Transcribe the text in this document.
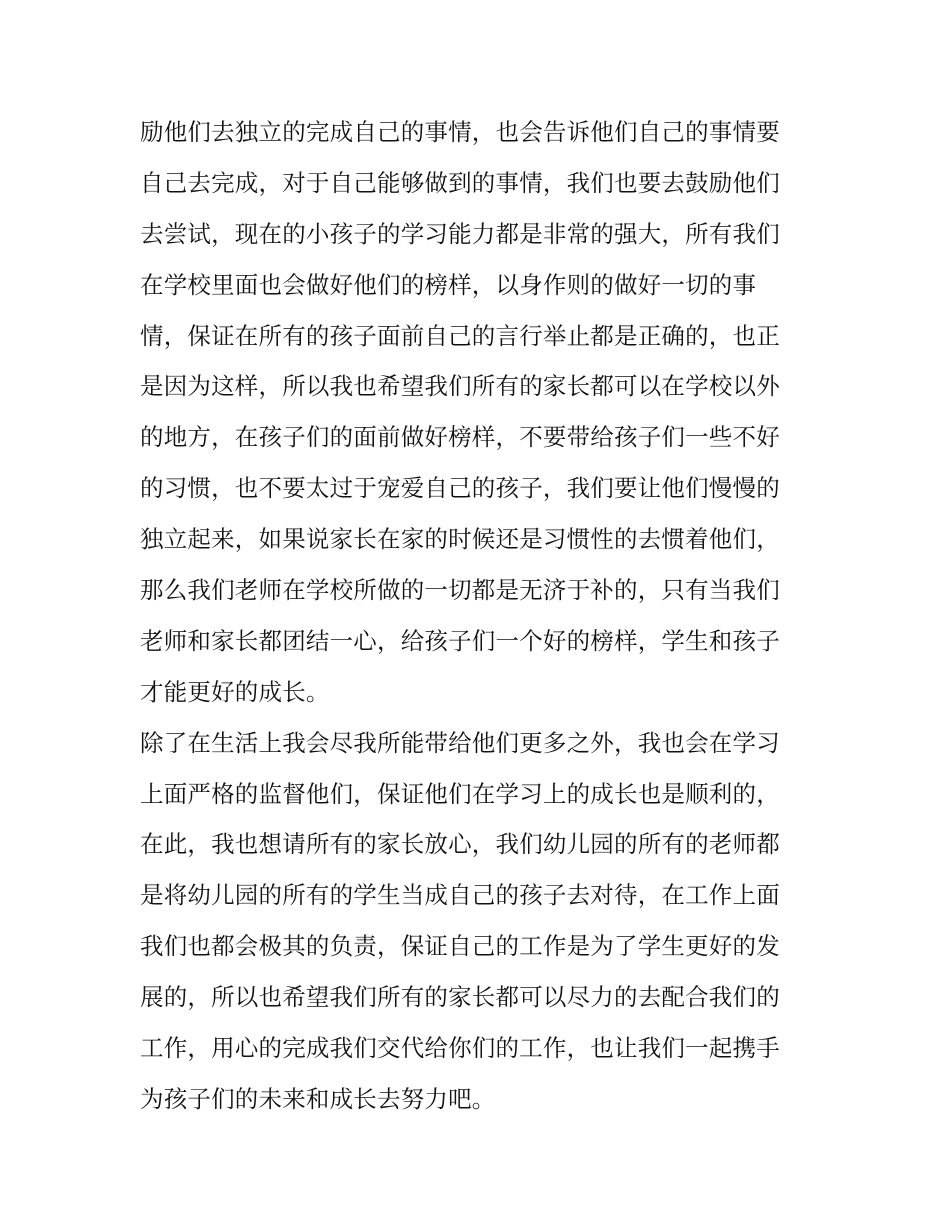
励他们去独立的完成自己的事情，也会告诉他们自己的事情要
自己去完成，对于自己能够做到的事情，我们也要去鼓励他们
去尝试，现在的小孩子的学习能力都是非常的强大，所有我们
在学校里面也会做好他们的榜样，以身作则的做好一切的事
情，保证在所有的孩子面前自己的言行举止都是正确的，也正
是因为这样，所以我也希望我们所有的家长都可以在学校以外
的地方，在孩子们的面前做好榜样，不要带给孩子们一些不好
的习惯，也不要太过于宠爱自己的孩子，我们要让他们慢慢的
独立起来，如果说家长在家的时候还是习惯性的去惯着他们，
那么我们老师在学校所做的一切都是无济于补的，只有当我们
老师和家长都团结一心，给孩子们一个好的榜样，学生和孩子
才能更好的成长。
除了在生活上我会尽我所能带给他们更多之外，我也会在学习
上面严格的监督他们，保证他们在学习上的成长也是顺利的，
在此，我也想请所有的家长放心，我们幼儿园的所有的老师都
是将幼儿园的所有的学生当成自己的孩子去对待，在工作上面
我们也都会极其的负责，保证自己的工作是为了学生更好的发
展的，所以也希望我们所有的家长都可以尽力的去配合我们的
工作，用心的完成我们交代给你们的工作，也让我们一起携手
为孩子们的未来和成长去努力吧。
